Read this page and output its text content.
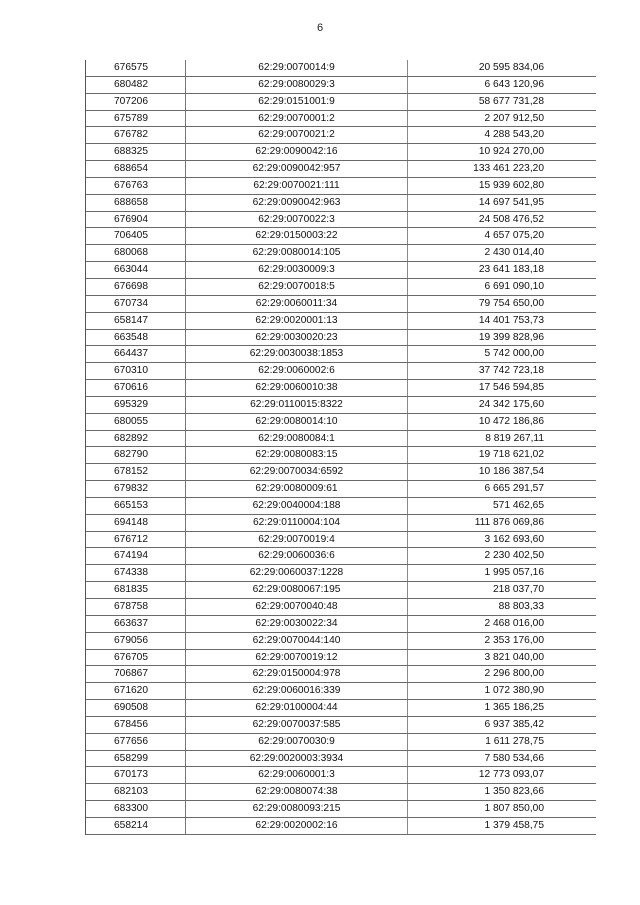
6
676575	62:29:0070014:9	20 595 834,06
680482	62:29:0080029:3	6 643 120,96
707206	62:29:0151001:9	58 677 731,28
675789	62:29:0070001:2	2 207 912,50
676782	62:29:0070021:2	4 288 543,20
688325	62:29:0090042:16	10 924 270,00
688654	62:29:0090042:957	133 461 223,20
676763	62:29:0070021:111	15 939 602,80
688658	62:29:0090042:963	14 697 541,95
676904	62:29:0070022:3	24 508 476,52
706405	62:29:0150003:22	4 657 075,20
680068	62:29:0080014:105	2 430 014,40
663044	62:29:0030009:3	23 641 183,18
676698	62:29:0070018:5	6 691 090,10
670734	62:29:0060011:34	79 754 650,00
658147	62:29:0020001:13	14 401 753,73
663548	62:29:0030020:23	19 399 828,96
664437	62:29:0030038:1853	5 742 000,00
670310	62:29:0060002:6	37 742 723,18
670616	62:29:0060010:38	17 546 594,85
695329	62:29:0110015:8322	24 342 175,60
680055	62:29:0080014:10	10 472 186,86
682892	62:29:0080084:1	8 819 267,11
682790	62:29:0080083:15	19 718 621,02
678152	62:29:0070034:6592	10 186 387,54
679832	62:29:0080009:61	6 665 291,57
665153	62:29:0040004:188	571 462,65
694148	62:29:0110004:104	111 876 069,86
676712	62:29:0070019:4	3 162 693,60
674194	62:29:0060036:6	2 230 402,50
674338	62:29:0060037:1228	1 995 057,16
681835	62:29:0080067:195	218 037,70
678758	62:29:0070040:48	88 803,33
663637	62:29:0030022:34	2 468 016,00
679056	62:29:0070044:140	2 353 176,00
676705	62:29:0070019:12	3 821 040,00
706867	62:29:0150004:978	2 296 800,00
671620	62:29:0060016:339	1 072 380,90
690508	62:29:0100004:44	1 365 186,25
678456	62:29:0070037:585	6 937 385,42
677656	62:29:0070030:9	1 611 278,75
658299	62:29:0020003:3934	7 580 534,66
670173	62:29:0060001:3	12 773 093,07
682103	62:29:0080074:38	1 350 823,66
683300	62:29:0080093:215	1 807 850,00
658214	62:29:0020002:16	1 379 458,75
